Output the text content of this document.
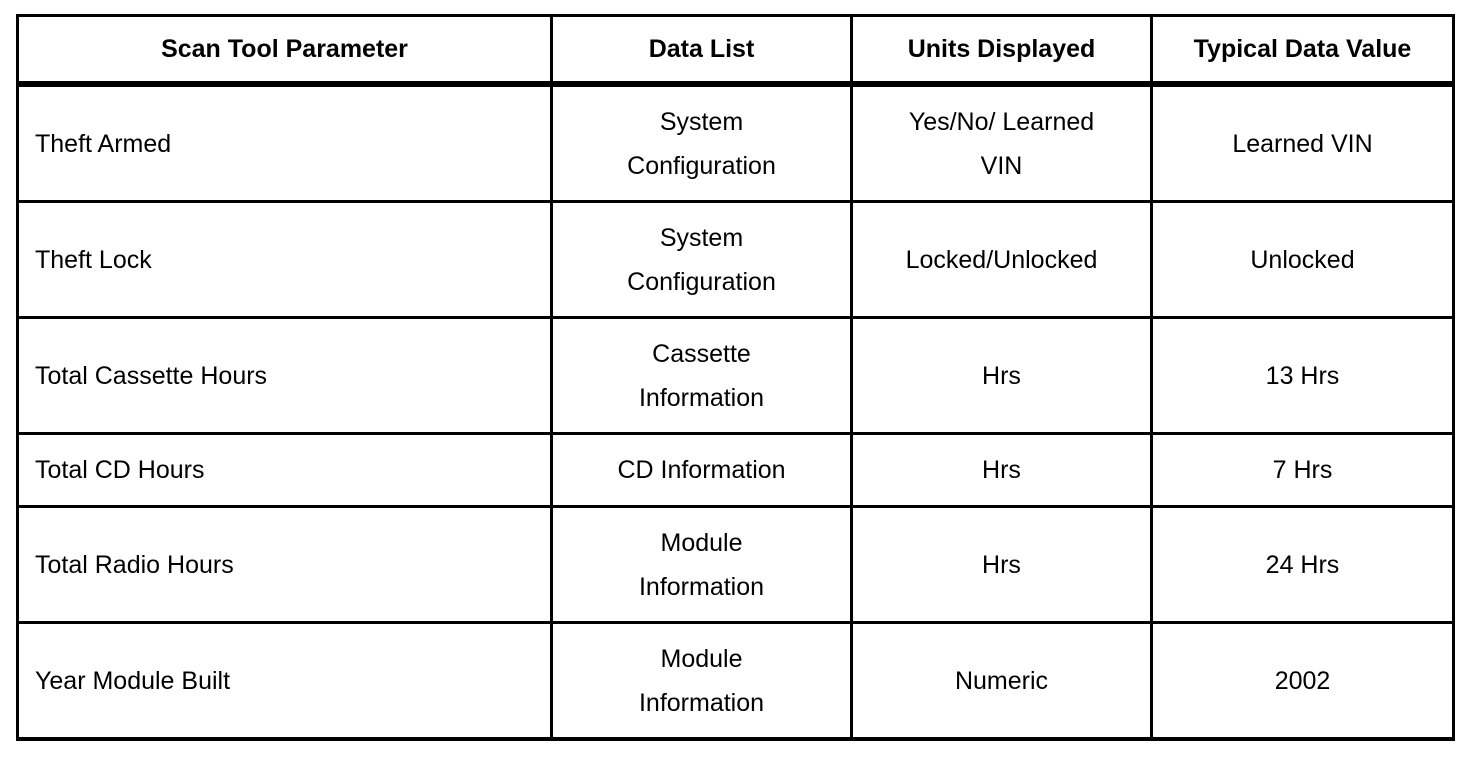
Scan Tool Parameter	Data List	Units Displayed	Typical Data Value
Theft Armed	System Configuration	Yes/No/ Learned VIN	Learned VIN
Theft Lock	System Configuration	Locked/Unlocked	Unlocked
Total Cassette Hours	Cassette Information	Hrs	13 Hrs
Total CD Hours	CD Information	Hrs	7 Hrs
Total Radio Hours	Module Information	Hrs	24 Hrs
Year Module Built	Module Information	Numeric	2002
